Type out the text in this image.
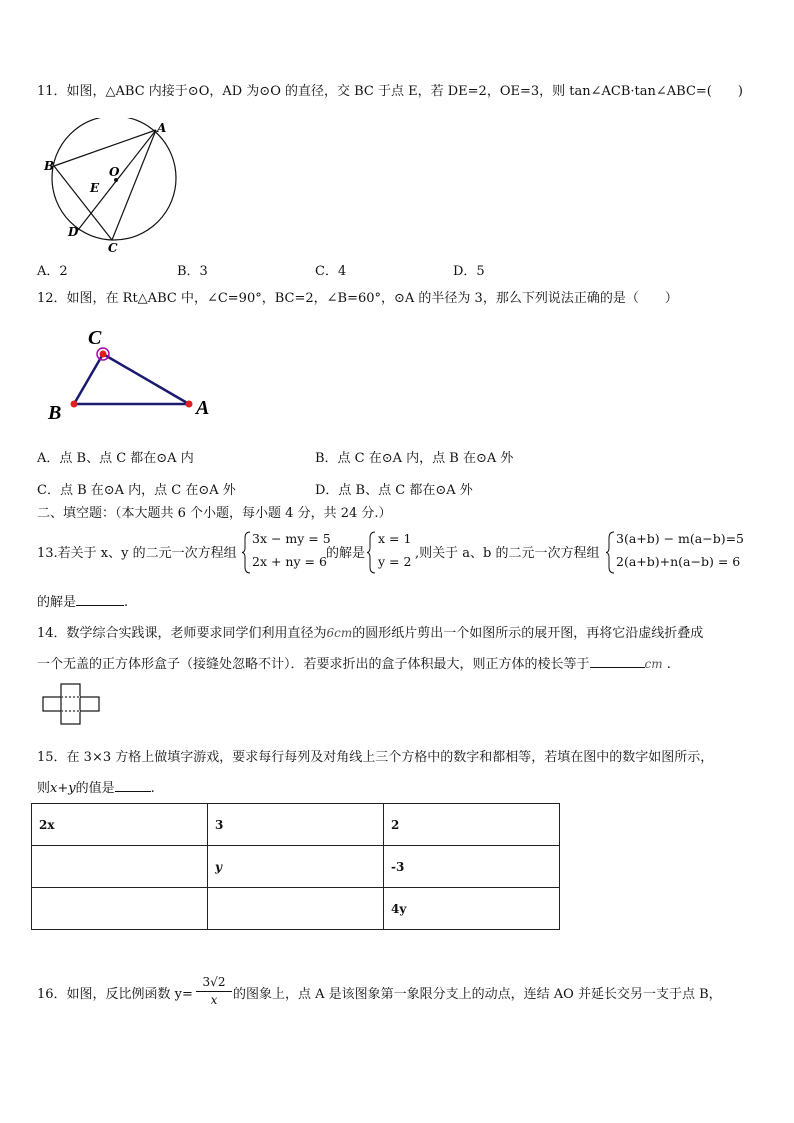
11．如图，△ABC 内接于⊙O，AD 为⊙O 的直径，交 BC 于点 E，若 DE=2，OE=3，则 tan∠ACB·tan∠ABC=(　　)
A
B	O
E
D
C
A．2	B．3	C．4	D．5
12．如图，在 Rt△ABC 中，∠C=90°，BC=2，∠B=60°，⊙A 的半径为 3，那么下列说法正确的是（　　）
C
B	A
A．点 B、点 C 都在⊙A 内	B．点 C 在⊙A 内，点 B 在⊙A 外
C．点 B 在⊙A 内，点 C 在⊙A 外	D．点 B、点 C 都在⊙A 外
二、填空题：（本大题共 6 个小题，每小题 4 分，共 24 分.）
13.若关于 x、y 的二元一次方程组
3x − my = 5
2x + ny = 6
的解是
x = 1
y = 2
,则关于 a、b 的二元一次方程组
3(a+b) − m(a−b)=5
2(a+b)+n(a−b) = 6
的解是	.
14．数学综合实践课，老师要求同学们利用直径为6cm的圆形纸片剪出一个如图所示的展开图，再将它沿虚线折叠成
一个无盖的正方体形盒子（接缝处忽略不计）．若要求折出的盒子体积最大，则正方体的棱长等于	cm .
15．在 3×3 方格上做填字游戏，要求每行每列及对角线上三个方格中的数字和都相等，若填在图中的数字如图所示，
则x+y的值是	.
2x	3	2
	y	-3
		4y
16．如图，反比例函数 $y= \frac{3√2}{x}$ 的图象上，点 A 是该图象第一象限分支上的动点，连结 AO 并延长交另一支于点 B，
